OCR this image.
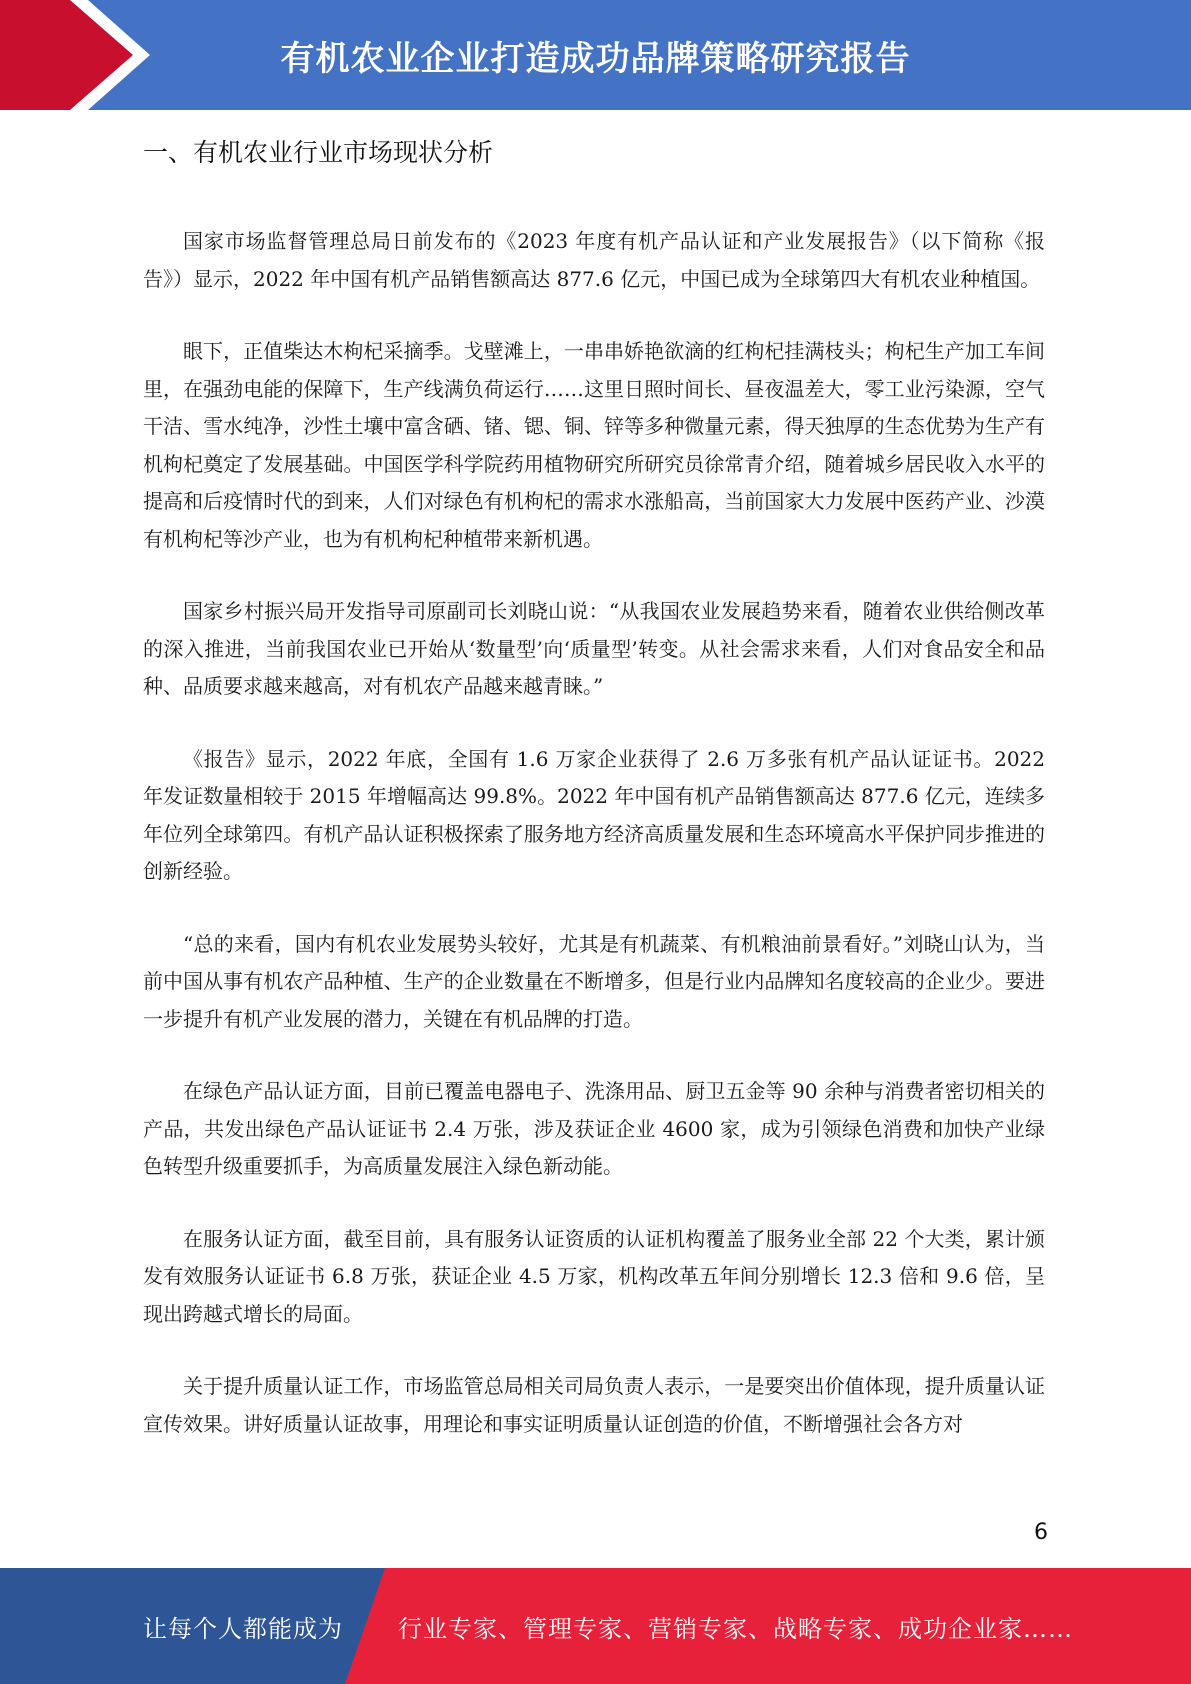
有机农业企业打造成功品牌策略研究报告
一、有机农业行业市场现状分析

国家市场监督管理总局日前发布的《2023 年度有机产品认证和产业发展报告》（以下简称《报告》）显示，2022 年中国有机产品销售额高达 877.6 亿元，中国已成为全球第四大有机农业种植国。

眼下，正值柴达木枸杞采摘季。戈壁滩上，一串串娇艳欲滴的红枸杞挂满枝头；枸杞生产加工车间里，在强劲电能的保障下，生产线满负荷运行……这里日照时间长、昼夜温差大，零工业污染源，空气干洁、雪水纯净，沙性土壤中富含硒、锗、锶、铜、锌等多种微量元素，得天独厚的生态优势为生产有机枸杞奠定了发展基础。中国医学科学院药用植物研究所研究员徐常青介绍，随着城乡居民收入水平的提高和后疫情时代的到来，人们对绿色有机枸杞的需求水涨船高，当前国家大力发展中医药产业、沙漠有机枸杞等沙产业，也为有机枸杞种植带来新机遇。

国家乡村振兴局开发指导司原副司长刘晓山说：“从我国农业发展趋势来看，随着农业供给侧改革的深入推进，当前我国农业已开始从‘数量型’向‘质量型’转变。从社会需求来看，人们对食品安全和品种、品质要求越来越高，对有机农产品越来越青睐。”

《报告》显示，2022 年底，全国有 1.6 万家企业获得了 2.6 万多张有机产品认证证书。2022 年发证数量相较于 2015 年增幅高达 99.8%。2022 年中国有机产品销售额高达 877.6 亿元，连续多年位列全球第四。有机产品认证积极探索了服务地方经济高质量发展和生态环境高水平保护同步推进的创新经验。

“总的来看，国内有机农业发展势头较好，尤其是有机蔬菜、有机粮油前景看好。”刘晓山认为，当前中国从事有机农产品种植、生产的企业数量在不断增多，但是行业内品牌知名度较高的企业少。要进一步提升有机产业发展的潜力，关键在有机品牌的打造。

在绿色产品认证方面，目前已覆盖电器电子、洗涤用品、厨卫五金等 90 余种与消费者密切相关的产品，共发出绿色产品认证证书 2.4 万张，涉及获证企业 4600 家，成为引领绿色消费和加快产业绿色转型升级重要抓手，为高质量发展注入绿色新动能。

在服务认证方面，截至目前，具有服务认证资质的认证机构覆盖了服务业全部 22 个大类，累计颁发有效服务认证证书 6.8 万张，获证企业 4.5 万家，机构改革五年间分别增长 12.3 倍和 9.6 倍，呈现出跨越式增长的局面。

关于提升质量认证工作，市场监管总局相关司局负责人表示，一是要突出价值体现，提升质量认证宣传效果。讲好质量认证故事，用理论和事实证明质量认证创造的价值，不断增强社会各方对

6
让每个人都能成为 行业专家、管理专家、营销专家、战略专家、成功企业家……
